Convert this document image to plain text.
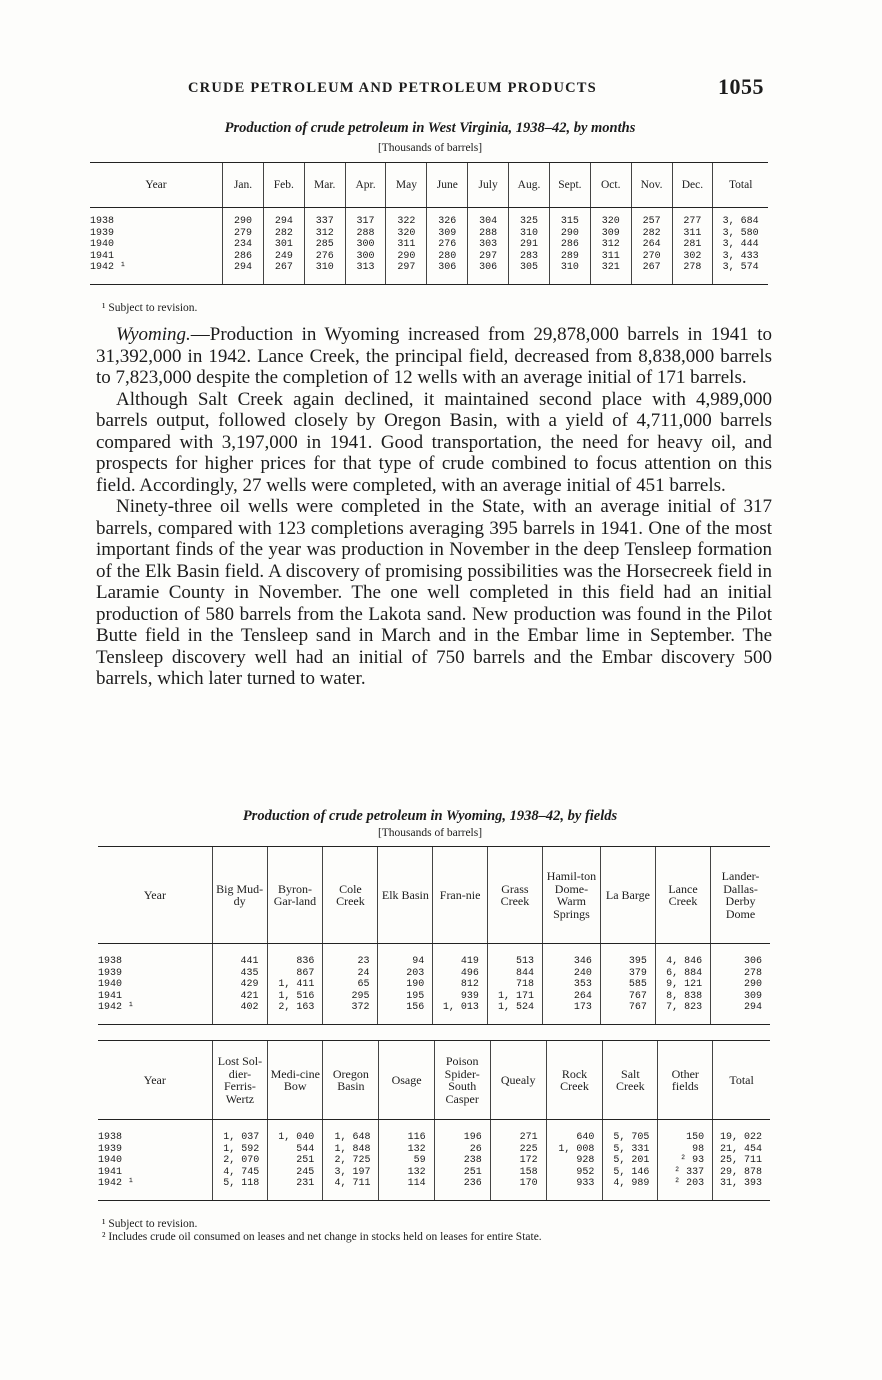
CRUDE PETROLEUM AND PETROLEUM PRODUCTS	1055
Production of crude petroleum in West Virginia, 1938–42, by months
[Thousands of barrels]
Year	Jan.	Feb.	Mar.	Apr.	May	June	July	Aug.	Sept.	Oct.	Nov.	Dec.	Total
1938	290	294	337	317	322	326	304	325	315	320	257	277	3, 684
1939	279	282	312	288	320	309	288	310	290	309	282	311	3, 580
1940	234	301	285	300	311	276	303	291	286	312	264	281	3, 444
1941	286	249	276	300	290	280	297	283	289	311	270	302	3, 433
1942 ¹	294	267	310	313	297	306	306	305	310	321	267	278	3, 574
¹ Subject to revision.

Wyoming.—Production in Wyoming increased from 29,878,000 barrels in 1941 to 31,392,000 in 1942. Lance Creek, the principal field, decreased from 8,838,000 barrels to 7,823,000 despite the completion of 12 wells with an average initial of 171 barrels.

Although Salt Creek again declined, it maintained second place with 4,989,000 barrels output, followed closely by Oregon Basin, with a yield of 4,711,000 barrels compared with 3,197,000 in 1941. Good transportation, the need for heavy oil, and prospects for higher prices for that type of crude combined to focus attention on this field. Accordingly, 27 wells were completed, with an average initial of 451 barrels.

Ninety-three oil wells were completed in the State, with an average initial of 317 barrels, compared with 123 completions averaging 395 barrels in 1941. One of the most important finds of the year was production in November in the deep Tensleep formation of the Elk Basin field. A discovery of promising possibilities was the Horsecreek field in Laramie County in November. The one well completed in this field had an initial production of 580 barrels from the Lakota sand. New production was found in the Pilot Butte field in the Tensleep sand in March and in the Embar lime in September. The Tensleep discovery well had an initial of 750 barrels and the Embar discovery 500 barrels, which later turned to water.

Production of crude petroleum in Wyoming, 1938–42, by fields
[Thousands of barrels]
Year	Big Mud-dy	Byron-Gar-land	Cole Creek	Elk Basin	Fran-nie	Grass Creek	Hamil-ton Dome-Warm Springs	La Barge	Lance Creek	Lander-Dallas-Derby Dome
1938	441	836	23	94	419	513	346	395	4, 846	306
1939	435	867	24	203	496	844	240	379	6, 884	278
1940	429	1, 411	65	190	812	718	353	585	9, 121	290
1941	421	1, 516	295	195	939	1, 171	264	767	8, 838	309
1942 ¹	402	2, 163	372	156	1, 013	1, 524	173	767	7, 823	294
Year	Lost Sol-dier-Ferris-Wertz	Medi-cine Bow	Oregon Basin	Osage	Poison Spider-South Casper	Quealy	Rock Creek	Salt Creek	Other fields	Total
1938	1, 037	1, 040	1, 648	116	196	271	640	5, 705	150	19, 022
1939	1, 592	544	1, 848	132	26	225	1, 008	5, 331	98	21, 454
1940	2, 070	251	2, 725	59	238	172	928	5, 201	² 93	25, 711
1941	4, 745	245	3, 197	132	251	158	952	5, 146	² 337	29, 878
1942 ¹	5, 118	231	4, 711	114	236	170	933	4, 989	² 203	31, 393
¹ Subject to revision.
² Includes crude oil consumed on leases and net change in stocks held on leases for entire State.
